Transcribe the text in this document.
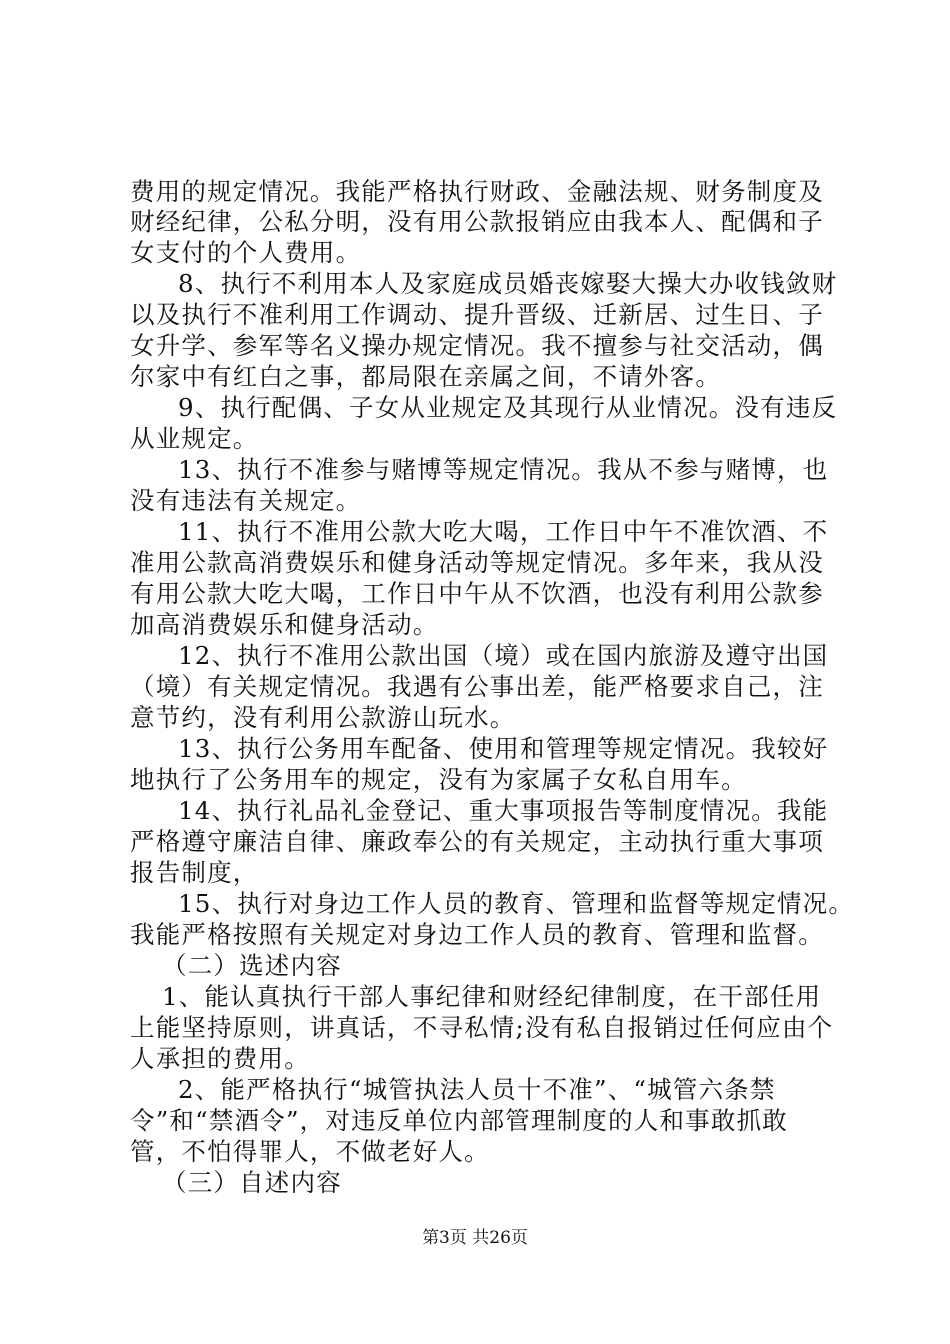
费用的规定情况。我能严格执行财政、金融法规、财务制度及
财经纪律，公私分明，没有用公款报销应由我本人、配偶和子
女支付的个人费用。
8、执行不利用本人及家庭成员婚丧嫁娶大操大办收钱敛财
以及执行不准利用工作调动、提升晋级、迁新居、过生日、子
女升学、参军等名义操办规定情况。我不擅参与社交活动，偶
尔家中有红白之事，都局限在亲属之间，不请外客。
9、执行配偶、子女从业规定及其现行从业情况。没有违反
从业规定。
13、执行不准参与赌博等规定情况。我从不参与赌博，也
没有违法有关规定。
11、执行不准用公款大吃大喝，工作日中午不准饮酒、不
准用公款高消费娱乐和健身活动等规定情况。多年来，我从没
有用公款大吃大喝，工作日中午从不饮酒，也没有利用公款参
加高消费娱乐和健身活动。
12、执行不准用公款出国（境）或在国内旅游及遵守出国
（境）有关规定情况。我遇有公事出差，能严格要求自己，注
意节约，没有利用公款游山玩水。
13、执行公务用车配备、使用和管理等规定情况。我较好
地执行了公务用车的规定，没有为家属子女私自用车。
14、执行礼品礼金登记、重大事项报告等制度情况。我能
严格遵守廉洁自律、廉政奉公的有关规定，主动执行重大事项
报告制度，
15、执行对身边工作人员的教育、管理和监督等规定情况。
我能严格按照有关规定对身边工作人员的教育、管理和监督。
（二）选述内容
1、能认真执行干部人事纪律和财经纪律制度，在干部任用
上能坚持原则，讲真话，不寻私情;没有私自报销过任何应由个
人承担的费用。
2、能严格执行“城管执法人员十不准”、“城管六条禁
令”和“禁酒令”，对违反单位内部管理制度的人和事敢抓敢
管，不怕得罪人，不做老好人。
（三）自述内容
第3页 共26页
